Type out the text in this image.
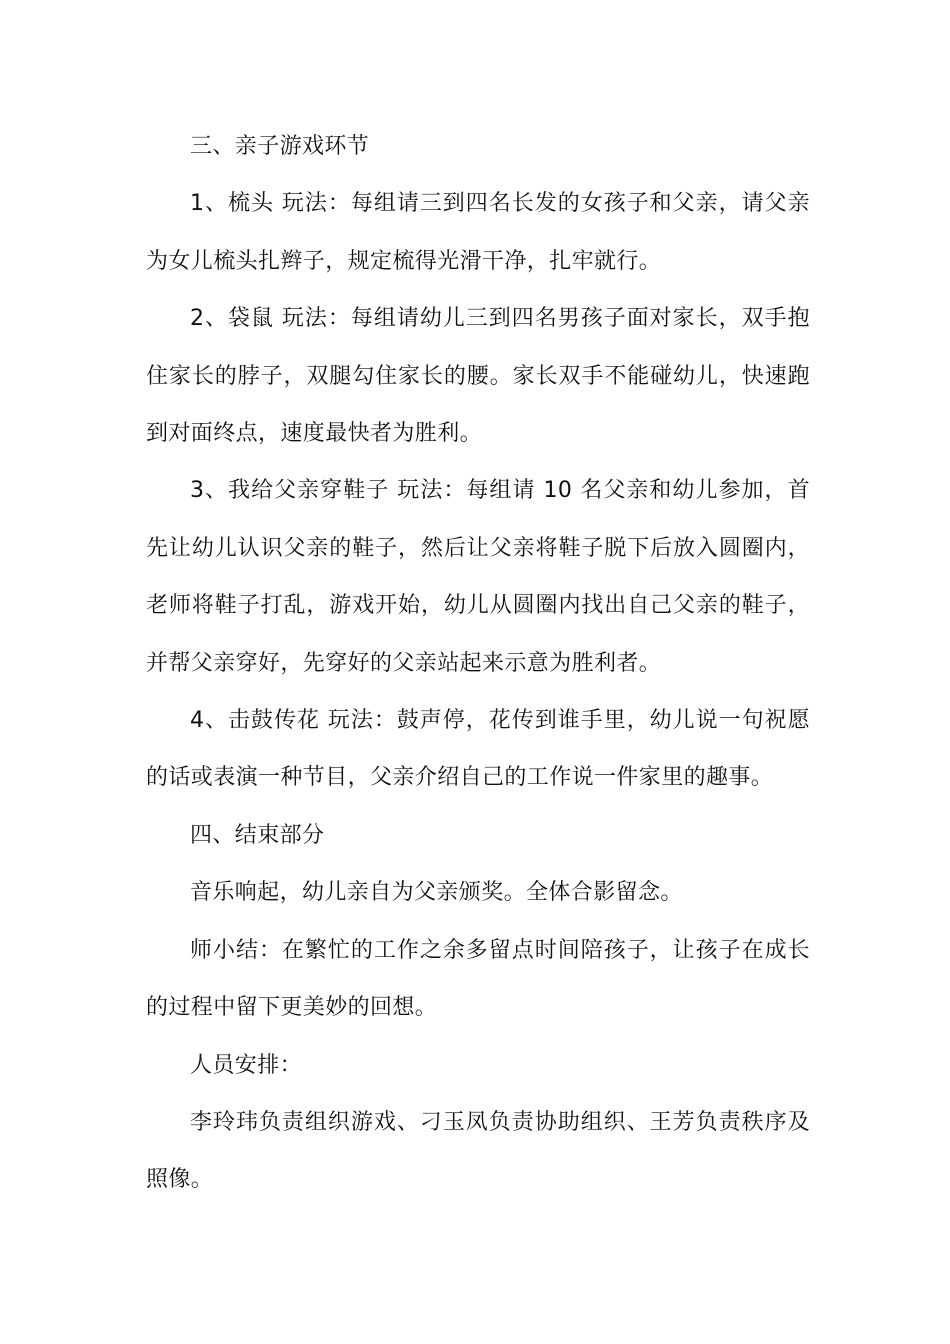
三、亲子游戏环节

1、梳头 玩法：每组请三到四名长发的女孩子和父亲，请父亲为女儿梳头扎辫子，规定梳得光滑干净，扎牢就行。

2、袋鼠 玩法：每组请幼儿三到四名男孩子面对家长，双手抱住家长的脖子，双腿勾住家长的腰。家长双手不能碰幼儿，快速跑到对面终点，速度最快者为胜利。

3、我给父亲穿鞋子 玩法：每组请 10 名父亲和幼儿参加，首先让幼儿认识父亲的鞋子，然后让父亲将鞋子脱下后放入圆圈内，老师将鞋子打乱，游戏开始，幼儿从圆圈内找出自己父亲的鞋子，并帮父亲穿好，先穿好的父亲站起来示意为胜利者。

4、击鼓传花 玩法：鼓声停，花传到谁手里，幼儿说一句祝愿的话或表演一种节目，父亲介绍自己的工作说一件家里的趣事。

四、结束部分

音乐响起，幼儿亲自为父亲颁奖。全体合影留念。

师小结：在繁忙的工作之余多留点时间陪孩子，让孩子在成长的过程中留下更美妙的回想。

人员安排：

李玲玮负责组织游戏、刁玉凤负责协助组织、王芳负责秩序及照像。
